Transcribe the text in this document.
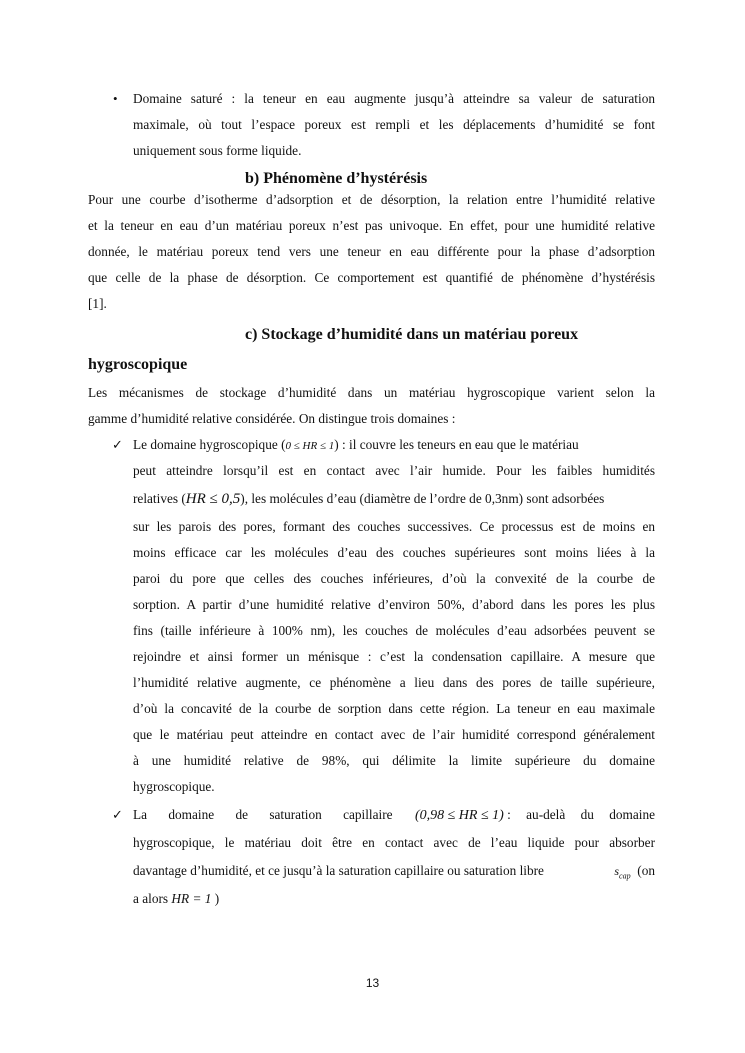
• Domaine saturé : la teneur en eau augmente jusqu’à atteindre sa valeur de saturation
maximale, où tout l’espace poreux est rempli et les déplacements d’humidité se font
uniquement sous forme liquide.
b) Phénomène d’hystérésis
Pour une courbe d’isotherme d’adsorption et de désorption, la relation entre l’humidité relative
et la teneur en eau d’un matériau poreux n’est pas univoque. En effet, pour une humidité relative
donnée, le matériau poreux tend vers une teneur en eau différente pour la phase d’adsorption
que celle de la phase de désorption. Ce comportement est quantifié de phénomène d’hystérésis
[1].
c) Stockage d’humidité dans un matériau poreux
hygroscopique
Les mécanismes de stockage d’humidité dans un matériau hygroscopique varient selon la
gamme d’humidité relative considérée. On distingue trois domaines :
✓ Le domaine hygroscopique (0 ≤ HR ≤ 1) : il couvre les teneurs en eau que le matériau
peut atteindre lorsqu’il est en contact avec l’air humide. Pour les faibles humidités
relatives (HR ≤ 0,5), les molécules d’eau (diamètre de l’ordre de 0,3nm) sont adsorbées
sur les parois des pores, formant des couches successives. Ce processus est de moins en
moins efficace car les molécules d’eau des couches supérieures sont moins liées à la
paroi du pore que celles des couches inférieures, d’où la convexité de la courbe de
sorption. A partir d’une humidité relative d’environ 50%, d’abord dans les pores les plus
fins (taille inférieure à 100% nm), les couches de molécules d’eau adsorbées peuvent se
rejoindre et ainsi former un ménisque : c’est la condensation capillaire. A mesure que
l’humidité relative augmente, ce phénomène a lieu dans des pores de taille supérieure,
d’où la concavité de la courbe de sorption dans cette région. La teneur en eau maximale
que le matériau peut atteindre en contact avec de l’air humidité correspond généralement
à une humidité relative de 98%, qui délimite la limite supérieure du domaine
hygroscopique.
✓ La domaine de saturation capillaire (0,98 ≤ HR ≤ 1) : au-delà du domaine
hygroscopique, le matériau doit être en contact avec de l’eau liquide pour absorber
davantage d’humidité, et ce jusqu’à la saturation capillaire ou saturation libre	$s_{cap}$ (on
a alors HR = 1 )
13
